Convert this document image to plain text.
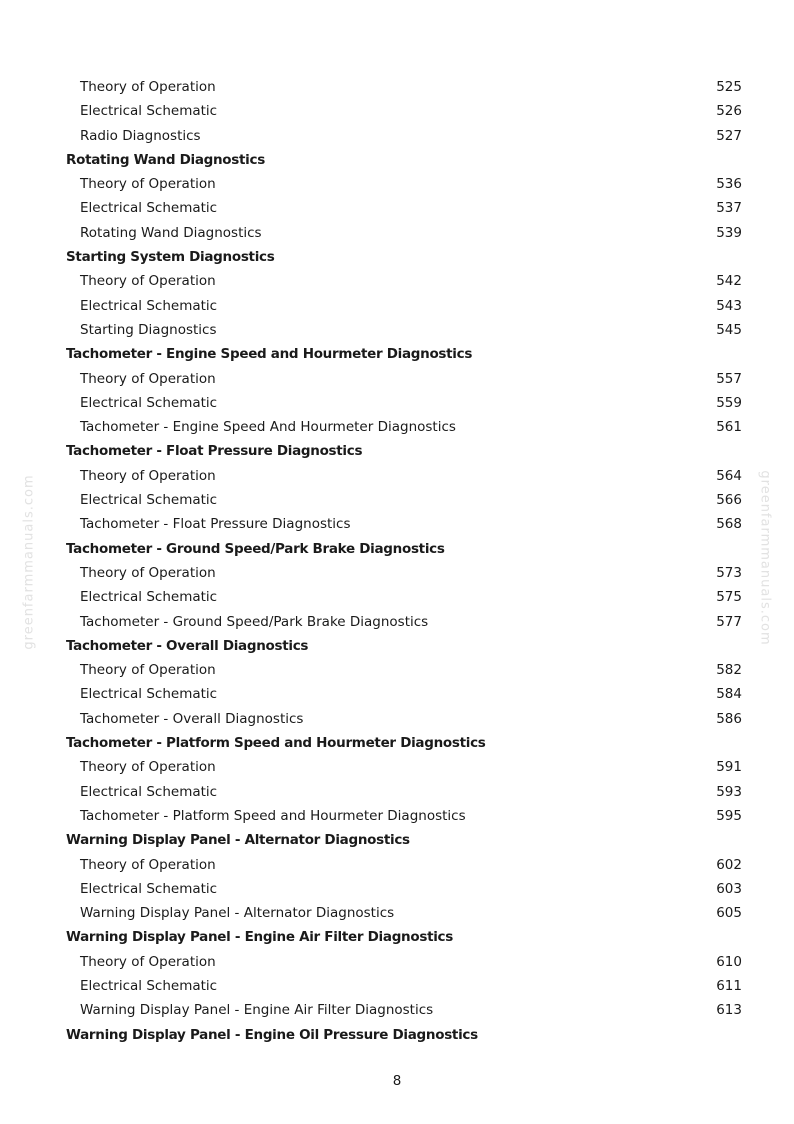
greenfarmmanuals.com	greenfarmmanuals.com
Theory of Operation	525
Electrical Schematic	526
Radio Diagnostics	527
Rotating Wand Diagnostics
Theory of Operation	536
Electrical Schematic	537
Rotating Wand Diagnostics	539
Starting System Diagnostics
Theory of Operation	542
Electrical Schematic	543
Starting Diagnostics	545
Tachometer - Engine Speed and Hourmeter Diagnostics
Theory of Operation	557
Electrical Schematic	559
Tachometer - Engine Speed And Hourmeter Diagnostics	561
Tachometer - Float Pressure Diagnostics
Theory of Operation	564
Electrical Schematic	566
Tachometer - Float Pressure Diagnostics	568
Tachometer - Ground Speed/Park Brake Diagnostics
Theory of Operation	573
Electrical Schematic	575
Tachometer - Ground Speed/Park Brake Diagnostics	577
Tachometer - Overall Diagnostics
Theory of Operation	582
Electrical Schematic	584
Tachometer - Overall Diagnostics	586
Tachometer - Platform Speed and Hourmeter Diagnostics
Theory of Operation	591
Electrical Schematic	593
Tachometer - Platform Speed and Hourmeter Diagnostics	595
Warning Display Panel - Alternator Diagnostics
Theory of Operation	602
Electrical Schematic	603
Warning Display Panel - Alternator Diagnostics	605
Warning Display Panel - Engine Air Filter Diagnostics
Theory of Operation	610
Electrical Schematic	611
Warning Display Panel - Engine Air Filter Diagnostics	613
Warning Display Panel - Engine Oil Pressure Diagnostics
8
